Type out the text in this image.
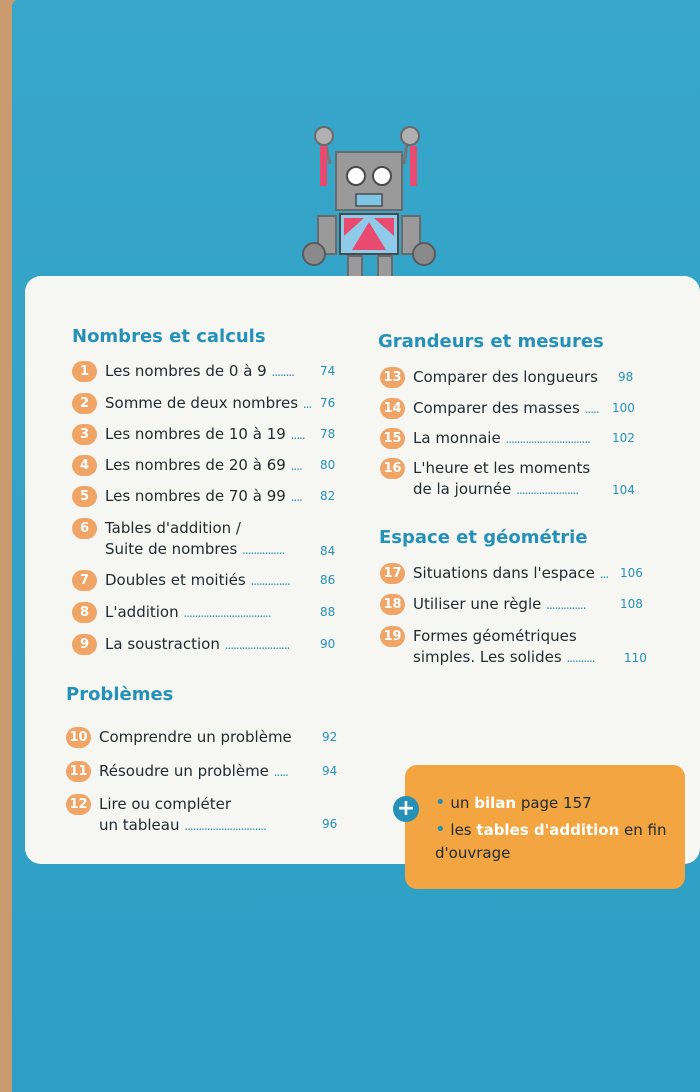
Nombres et calculs
1	Les nombres de 0 à 9 ........ 74
2	Somme de deux nombres ... 76
3	Les nombres de 10 à 19 ..... 78
4	Les nombres de 20 à 69 .... 80
5	Les nombres de 70 à 99 .... 82
6	Tables d'addition /
Suite de nombres ...............	84
7	Doubles et moitiés ..............	86
8	L'addition ...............................	88
9	La soustraction .......................	90
Problèmes
10 Comprendre un problème	92
11 Résoudre un problème .....	94
12 Lire ou compléter
un tableau .............................	96
Grandeurs et mesures
13 Comparer des longueurs 98
14 Comparer des masses ..... 100
15 La monnaie .............................. 102
16 L'heure et les moments
de la journée ......................	104
Espace et géométrie
17 Situations dans l'espace ... 106
18 Utiliser une règle ..............	108
19 Formes géométriques
simples. Les solides .......... 110
• un bilan page 157
• les tables d'addition en fin
d'ouvrage
+
